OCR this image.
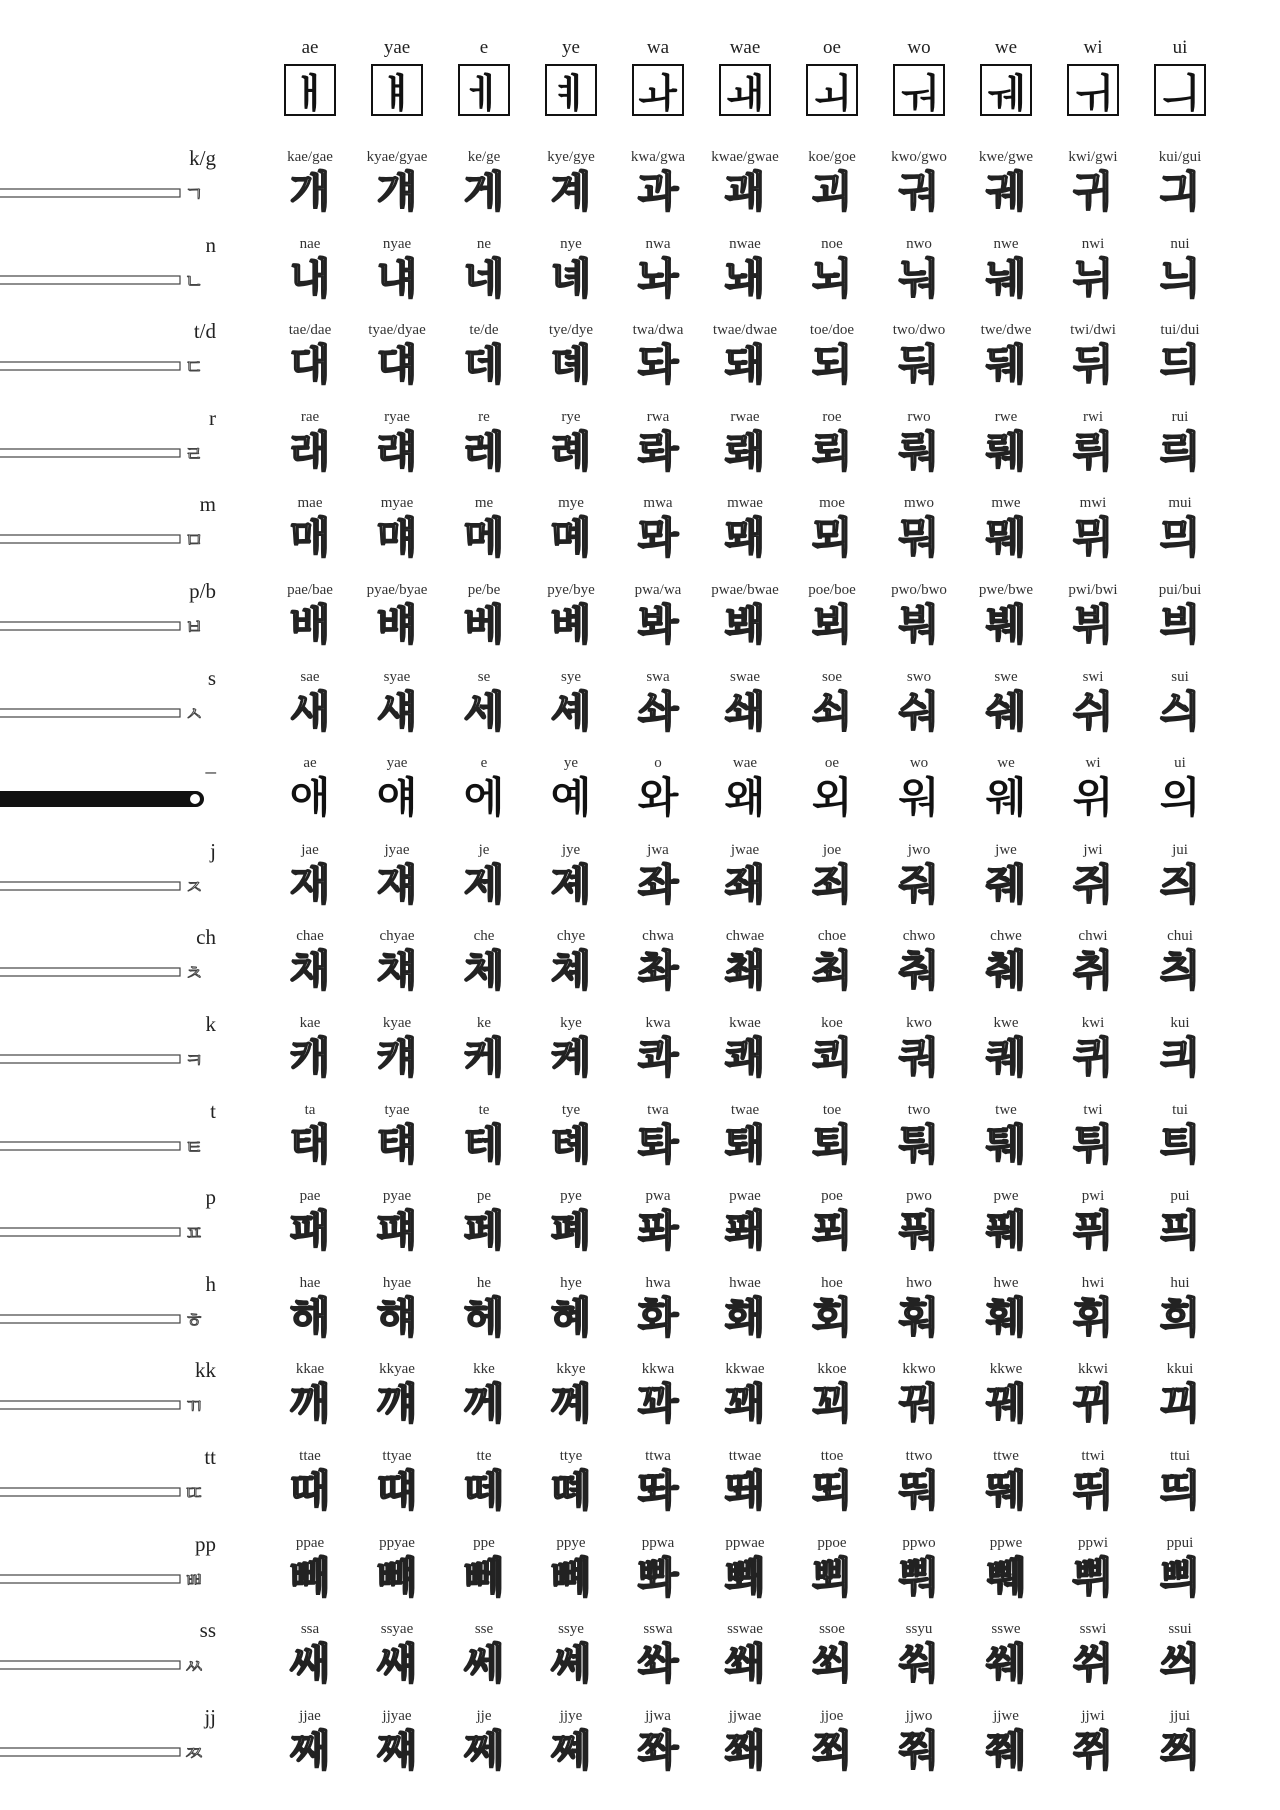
ae
ㅐ
yae
ㅒ
e
ㅔ
ye
ㅖ
wa
ㅘ
wae
ㅙ
oe
ㅚ
wo
ㅝ
we
ㅞ
wi
ㅟ
ui
ㅢ
k/g
ㄱ
kae/gae
개
kyae/gyae
걔
ke/ge
게
kye/gye
계
kwa/gwa
과
kwae/gwae
괘
koe/goe
괴
kwo/gwo
궈
kwe/gwe
궤
kwi/gwi
귀
kui/gui
긔
n
ㄴ
nae
내
nyae
냬
ne
네
nye
녜
nwa
놔
nwae
놰
noe
뇌
nwo
눠
nwe
눼
nwi
뉘
nui
늬
t/d
ㄷ
tae/dae
대
tyae/dyae
댸
te/de
데
tye/dye
뎨
twa/dwa
돠
twae/dwae
돼
toe/doe
되
two/dwo
둬
twe/dwe
뒈
twi/dwi
뒤
tui/dui
듸
r
ㄹ
rae
래
ryae
럐
re
레
rye
례
rwa
롸
rwae
뢔
roe
뢰
rwo
뤄
rwe
뤠
rwi
뤼
rui
릐
m
ㅁ
mae
매
myae
먜
me
메
mye
몌
mwa
뫄
mwae
뫠
moe
뫼
mwo
뭐
mwe
뭬
mwi
뮈
mui
믜
p/b
ㅂ
pae/bae
배
pyae/byae
뱨
pe/be
베
pye/bye
볘
pwa/wa
봐
pwae/bwae
봬
poe/boe
뵈
pwo/bwo
붜
pwe/bwe
붸
pwi/bwi
뷔
pui/bui
븨
s
ㅅ
sae
새
syae
섀
se
세
sye
셰
swa
솨
swae
쇄
soe
쇠
swo
숴
swe
쉐
swi
쉬
sui
싀
_	ae
애
yae
얘
e
에
ye
예
o
와
wae
왜
oe
외
wo
워
we
웨
wi
위
ui
의
j
ㅈ
jae
재
jyae
쟤
je
제
jye
졔
jwa
좌
jwae
좨
joe
죄
jwo
줘
jwe
줴
jwi
쥐
jui
즤
ch
ㅊ
chae
채
chyae
챼
che
체
chye
쳬
chwa
촤
chwae
쵀
choe
최
chwo
춰
chwe
췌
chwi
취
chui
츼
k
ㅋ
kae
캐
kyae
컈
ke
케
kye
켸
kwa
콰
kwae
쾌
koe
쾨
kwo
쿼
kwe
퀘
kwi
퀴
kui
킈
t
ㅌ
ta
태
tyae
턔
te
테
tye
톄
twa
톼
twae
퇘
toe
퇴
two
퉈
twe
퉤
twi
튀
tui
틔
p
ㅍ
pae
패
pyae
퍠
pe
페
pye
폐
pwa
퐈
pwae
퐤
poe
푀
pwo
풔
pwe
풰
pwi
퓌
pui
픠
h
ㅎ
hae
해
hyae
햬
he
헤
hye
혜
hwa
화
hwae
홰
hoe
회
hwo
훠
hwe
훼
hwi
휘
hui
희
kk
ㄲ
kkae
깨
kkyae
꺠
kke
께
kkye
꼐
kkwa
꽈
kkwae
꽤
kkoe
꾀
kkwo
꿔
kkwe
꿰
kkwi
뀌
kkui
끠
tt
ㄸ
ttae
때
ttyae
떄
tte
떼
ttye
뗴
ttwa
똬
ttwae
뙈
ttoe
뙤
ttwo
뚸
ttwe
뛔
ttwi
뛰
ttui
띄
pp
ㅃ
ppae
빼
ppyae
뺴
ppe
뻬
ppye
뼤
ppwa
뽜
ppwae
뽸
ppoe
뾔
ppwo
뿨
ppwe
쀄
ppwi
쀠
ppui
쁴
ss
ㅆ
ssa
쌔
ssyae
썌
sse
쎄
ssye
쎼
sswa
쏴
sswae
쐐
ssoe
쐬
ssyu
쒀
sswe
쒜
sswi
쒸
ssui
씌
jj
ㅉ
jjae
째
jjyae
쨰
jje
쩨
jjye
쪠
jjwa
쫘
jjwae
쫴
jjoe
쬐
jjwo
쭤
jjwe
쮀
jjwi
쮜
jjui
쯰
